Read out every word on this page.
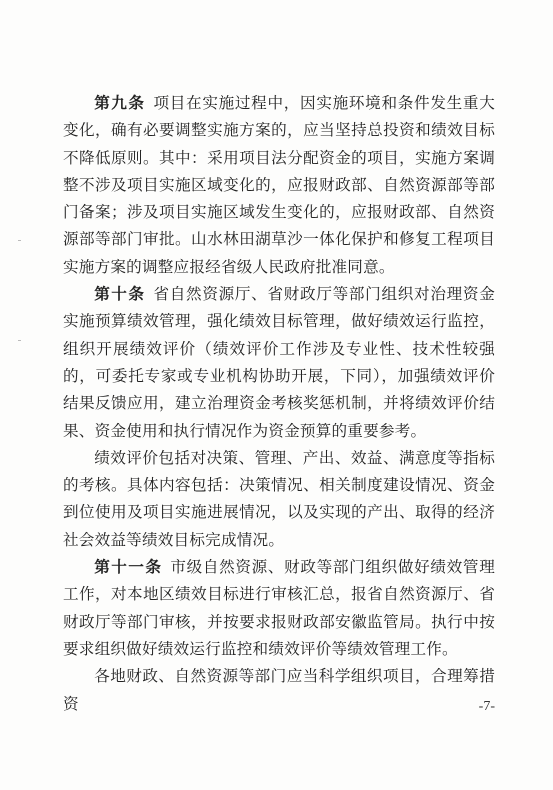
第九条 项目在实施过程中，因实施环境和条件发生重大变化，确有必要调整实施方案的，应当坚持总投资和绩效目标不降低原则。其中：采用项目法分配资金的项目，实施方案调整不涉及项目实施区域变化的，应报财政部、自然资源部等部门备案；涉及项目实施区域发生变化的，应报财政部、自然资源部等部门审批。山水林田湖草沙一体化保护和修复工程项目实施方案的调整应报经省级人民政府批准同意。

第十条 省自然资源厅、省财政厅等部门组织对治理资金实施预算绩效管理，强化绩效目标管理，做好绩效运行监控，组织开展绩效评价（绩效评价工作涉及专业性、技术性较强的，可委托专家或专业机构协助开展，下同），加强绩效评价结果反馈应用，建立治理资金考核奖惩机制，并将绩效评价结果、资金使用和执行情况作为资金预算的重要参考。

绩效评价包括对决策、管理、产出、效益、满意度等指标的考核。具体内容包括：决策情况、相关制度建设情况、资金到位使用及项目实施进展情况，以及实现的产出、取得的经济社会效益等绩效目标完成情况。

第十一条 市级自然资源、财政等部门组织做好绩效管理工作，对本地区绩效目标进行审核汇总，报省自然资源厅、省财政厅等部门审核，并按要求报财政部安徽监管局。执行中按要求组织做好绩效运行监控和绩效评价等绩效管理工作。

各地财政、自然资源等部门应当科学组织项目，合理筹措资	-7-
